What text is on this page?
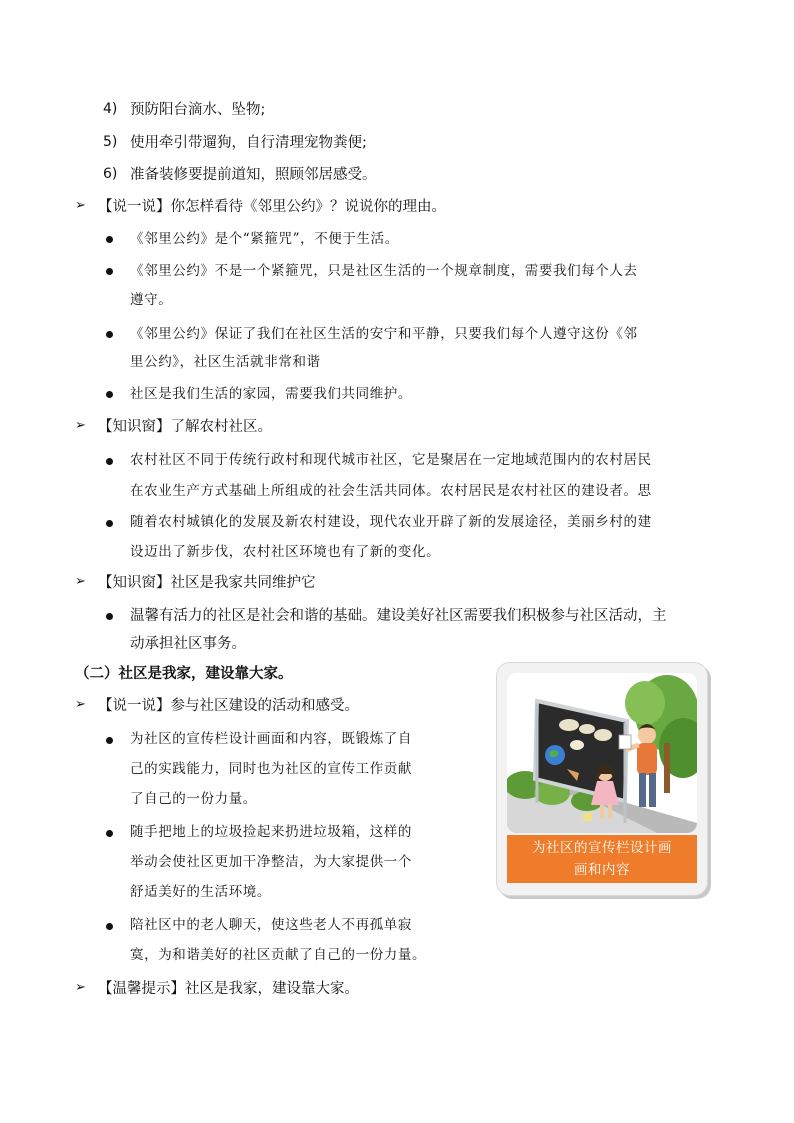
4) 预防阳台滴水、坠物;
5) 使用牵引带遛狗，自行清理宠物粪便;
6) 准备装修要提前道知，照顾邻居感受。
➢ 【说一说】你怎样看待《邻里公约》？说说你的理由。
《邻里公约》是个“紧箍咒”，不便于生活。
《邻里公约》不是一个紧箍咒，只是社区生活的一个规章制度，需要我们每个人去
遵守。
《邻里公约》保证了我们在社区生活的安宁和平静，只要我们每个人遵守这份《邻
里公约》，社区生活就非常和谐
社区是我们生活的家园，需要我们共同维护。
➢ 【知识窗】了解农村社区。
农村社区不同于传统行政村和现代城市社区，它是聚居在一定地域范围内的农村居民
在农业生产方式基础上所组成的社会生活共同体。农村居民是农村社区的建设者。思
随着农村城镇化的发展及新农村建设，现代农业开辟了新的发展途径，美丽乡村的建
设迈出了新步伐，农村社区环境也有了新的变化。
➢ 【知识窗】社区是我家共同维护它
温馨有活力的社区是社会和谐的基础。建设美好社区需要我们积极参与社区活动，主
动承担社区事务。
（二）社区是我家，建设靠大家。
➢ 【说一说】参与社区建设的活动和感受。
为社区的宣传栏设计画面和内容，既锻炼了自
己的实践能力，同时也为社区的宣传工作贡献
了自己的一份力量。
随手把地上的垃圾捡起来扔进垃圾箱，这样的
举动会使社区更加干净整洁，为大家提供一个
舒适美好的生活环境。
陪社区中的老人聊天，使这些老人不再孤单寂
寞，为和谐美好的社区贡献了自己的一份力量。
➢ 【温馨提示】社区是我家，建设靠大家。
为社区的宣传栏设计画
画和内容
